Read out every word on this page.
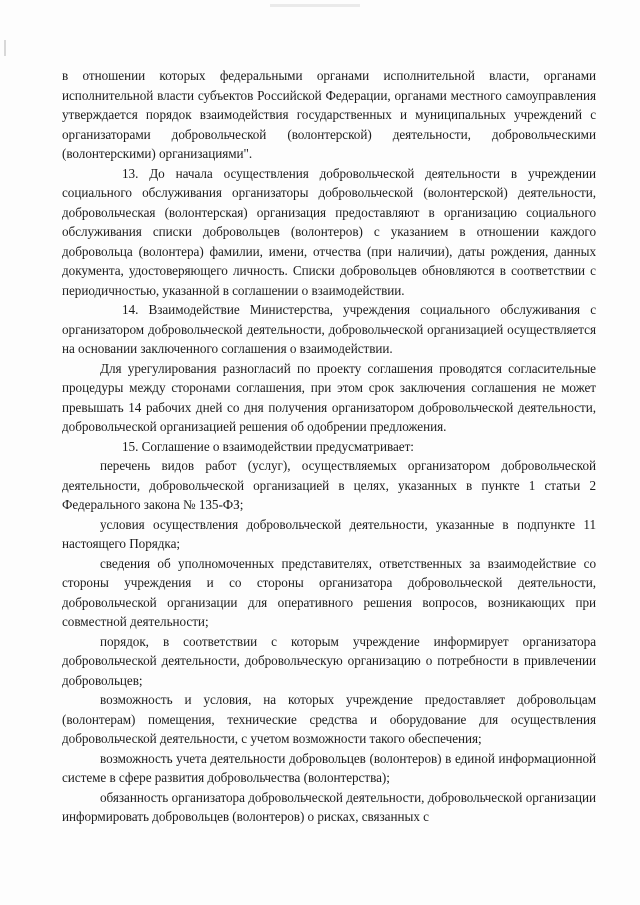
в отношении которых федеральными органами исполнительной власти, органами исполнительной власти субъектов Российской Федерации, органами местного самоуправления утверждается порядок взаимодействия государственных и муниципальных учреждений с организаторами добровольческой (волонтерской) деятельности, добровольческими (волонтерскими) организациями".

13. До начала осуществления добровольческой деятельности в учреждении социального обслуживания организаторы добровольческой (волонтерской) деятельности, добровольческая (волонтерская) организация предоставляют в организацию социального обслуживания списки добровольцев (волонтеров) с указанием в отношении каждого добровольца (волонтера) фамилии, имени, отчества (при наличии), даты рождения, данных документа, удостоверяющего личность. Списки добровольцев обновляются в соответствии с периодичностью, указанной в соглашении о взаимодействии.

14. Взаимодействие Министерства, учреждения социального обслуживания с организатором добровольческой деятельности, добровольческой организацией осуществляется на основании заключенного соглашения о взаимодействии.

Для урегулирования разногласий по проекту соглашения проводятся согласительные процедуры между сторонами соглашения, при этом срок заключения соглашения не может превышать 14 рабочих дней со дня получения организатором добровольческой деятельности, добровольческой организацией решения об одобрении предложения.

15. Соглашение о взаимодействии предусматривает:

перечень видов работ (услуг), осуществляемых организатором добровольческой деятельности, добровольческой организацией в целях, указанных в пункте 1 статьи 2 Федерального закона № 135-ФЗ;

условия осуществления добровольческой деятельности, указанные в подпункте 11 настоящего Порядка;

сведения об уполномоченных представителях, ответственных за взаимодействие со стороны учреждения и со стороны организатора добровольческой деятельности, добровольческой организации для оперативного решения вопросов, возникающих при совместной деятельности;

порядок, в соответствии с которым учреждение информирует организатора добровольческой деятельности, добровольческую организацию о потребности в привлечении добровольцев;

возможность и условия, на которых учреждение предоставляет добровольцам (волонтерам) помещения, технические средства и оборудование для осуществления добровольческой деятельности, с учетом возможности такого обеспечения;

возможность учета деятельности добровольцев (волонтеров) в единой информационной системе в сфере развития добровольчества (волонтерства);

обязанность организатора добровольческой деятельности, добровольческой организации информировать добровольцев (волонтеров) о рисках, связанных с
